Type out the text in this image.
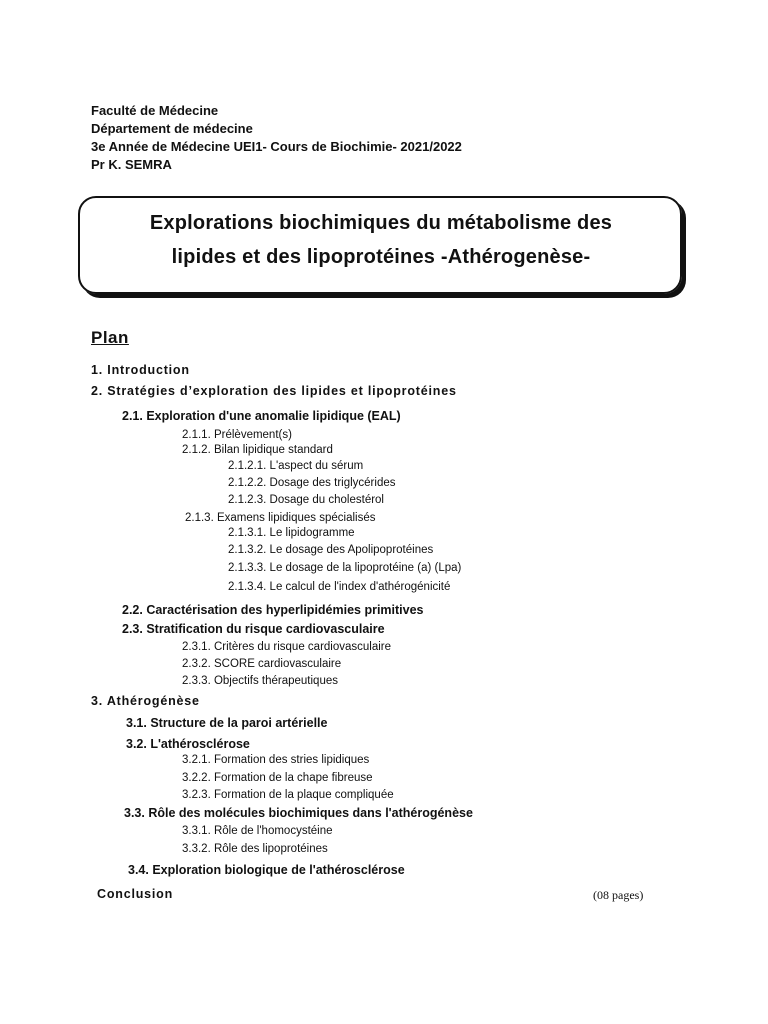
Faculté de Médecine
Département de médecine
3e Année de Médecine UEI1- Cours de Biochimie- 2021/2022
Pr K. SEMRA
Explorations biochimiques du métabolisme des
lipides et des lipoprotéines -Athérogenèse-
Plan
1. Introduction
2. Stratégies d’exploration des lipides et lipoprotéines
2.1. Exploration d'une anomalie lipidique (EAL)
2.1.1. Prélèvement(s)
2.1.2. Bilan lipidique standard
2.1.2.1. L'aspect du sérum
2.1.2.2. Dosage des triglycérides
2.1.2.3. Dosage du cholestérol
2.1.3. Examens lipidiques spécialisés
2.1.3.1. Le lipidogramme
2.1.3.2. Le dosage des Apolipoprotéines
2.1.3.3. Le dosage de la lipoprotéine (a) (Lpa)
2.1.3.4. Le calcul de l'index d'athérogénicité
2.2. Caractérisation des hyperlipidémies primitives
2.3. Stratification du risque cardiovasculaire
2.3.1. Critères du risque cardiovasculaire
2.3.2. SCORE cardiovasculaire
2.3.3. Objectifs thérapeutiques
3. Athérogénèse
3.1. Structure de la paroi artérielle
3.2. L'athérosclérose
3.2.1. Formation des stries lipidiques
3.2.2. Formation de la chape fibreuse
3.2.3. Formation de la plaque compliquée
3.3. Rôle des molécules biochimiques dans l'athérogénèse
3.3.1. Rôle de l'homocystéine
3.3.2. Rôle des lipoprotéines
3.4. Exploration biologique de l'athérosclérose
Conclusion	(08 pages)
